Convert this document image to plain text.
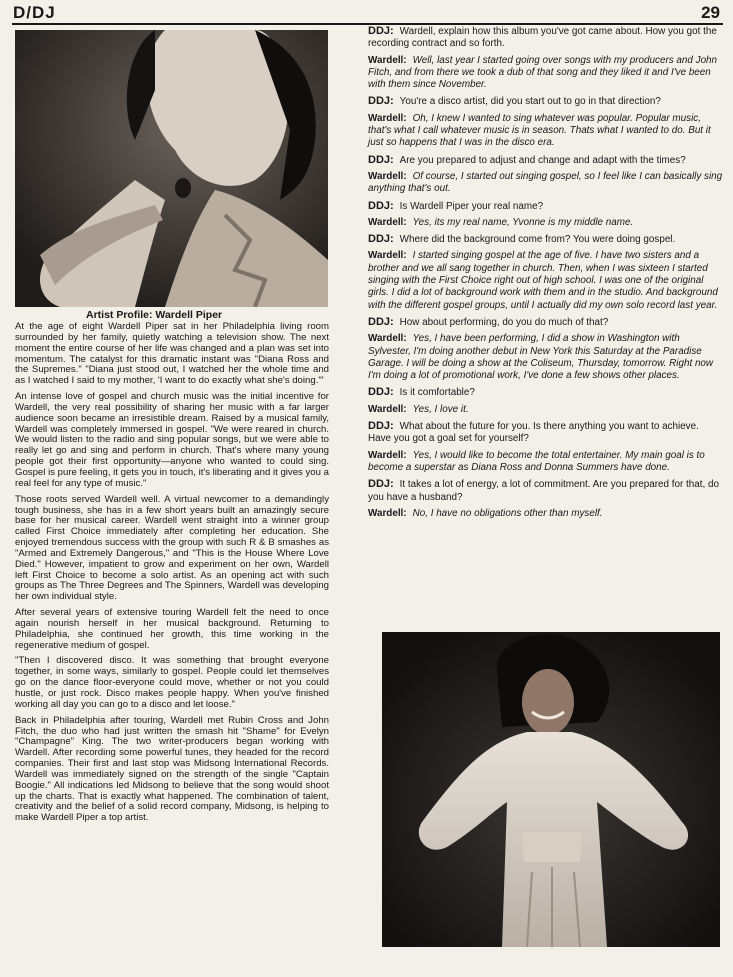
D/DJ	29
Artist Profile: Wardell Piper

At the age of eight Wardell Piper sat in her Philadelphia living room surrounded by her family, quietly watching a television show. The next moment the entire course of her life was changed and a plan was set into momentum. The catalyst for this dramatic instant was "Diana Ross and the Supremes." "Diana just stood out, I watched her the whole time and as I watched I said to my mother, 'I want to do exactly what she's doing.'"

An intense love of gospel and church music was the initial incentive for Wardell, the very real possibility of sharing her music with a far larger audience soon became an irresistible dream. Raised by a musical family, Wardell was completely immersed in gospel. "We were reared in church. We would listen to the radio and sing popular songs, but we were able to really let go and sing and perform in church. That's where many young people got their first opportunity—anyone who wanted to could sing. Gospel is pure feeling, it gets you in touch, it's liberating and it gives you a real feel for any type of music."

Those roots served Wardell well. A virtual newcomer to a demandingly tough business, she has in a few short years built an amazingly secure base for her musical career. Wardell went straight into a winner group called First Choice immediately after completing her education. She enjoyed tremendous success with the group with such R & B smashes as "Armed and Extremely Dangerous," and "This is the House Where Love Died." However, impatient to grow and experiment on her own, Wardell left First Choice to become a solo artist. As an opening act with such groups as The Three Degrees and The Spinners, Wardell was developing her own individual style.

After several years of extensive touring Wardell felt the need to once again nourish herself in her musical background. Returning to Philadelphia, she continued her growth, this time working in the regenerative medium of gospel.

"Then I discovered disco. It was something that brought everyone together, in some ways, similarly to gospel. People could let themselves go on the dance floor-everyone could move, whether or not you could hustle, or just rock. Disco makes people happy. When you've finished working all day you can go to a disco and let loose."

Back in Philadelphia after touring, Wardell met Rubin Cross and John Fitch, the duo who had just written the smash hit "Shame" for Evelyn "Champagne" King. The two writer-producers began working with Wardell. After recording some powerful tunes, they headed for the record companies. Their first and last stop was Midsong International Records. Wardell was immediately signed on the strength of the single "Captain Boogie." All indications led Midsong to believe that the song would shoot up the charts. That is exactly what happened. The combination of talent, creativity and the belief of a solid record company, Midsong, is helping to make Wardell Piper a top artist.

DDJ: Wardell, explain how this album you've got came about. How you got the recording contract and so forth.

Wardell: Well, last year I started going over songs with my producers and John Fitch, and from there we took a dub of that song and they liked it and I've been with them since November.

DDJ: You're a disco artist, did you start out to go in that direction?

Wardell: Oh, I knew I wanted to sing whatever was popular. Popular music, that's what I call whatever music is in season. Thats what I wanted to do. But it just so happens that I was in the disco era.

DDJ: Are you prepared to adjust and change and adapt with the times?

Wardell: Of course, I started out singing gospel, so I feel like I can basically sing anything that's out.

DDJ: Is Wardell Piper your real name?

Wardell: Yes, its my real name, Yvonne is my middle name.

DDJ: Where did the background come from? You were doing gospel.

Wardell: I started singing gospel at the age of five. I have two sisters and a brother and we all sang together in church. Then, when I was sixteen I started singing with the First Choice right out of high school. I was one of the original girls. I did a lot of background work with them and in the studio. And background with the different gospel groups, until I actually did my own solo record last year.

DDJ: How about performing, do you do much of that?

Wardell: Yes, I have been performing, I did a show in Washington with Sylvester, I'm doing another debut in New York this Saturday at the Paradise Garage. I will be doing a show at the Coliseum, Thursday, tomorrow. Right now I'm doing a lot of promotional work, I've done a few shows other places.

DDJ: Is it comfortable?

Wardell: Yes, I love it.

DDJ: What about the future for you. Is there anything you want to achieve. Have you got a goal set for yourself?

Wardell: Yes, I would like to become the total entertainer. My main goal is to become a superstar as Diana Ross and Donna Summers have done.

DDJ: It takes a lot of energy, a lot of commitment. Are you prepared for that, do you have a husband?

Wardell: No, I have no obligations other than myself.
